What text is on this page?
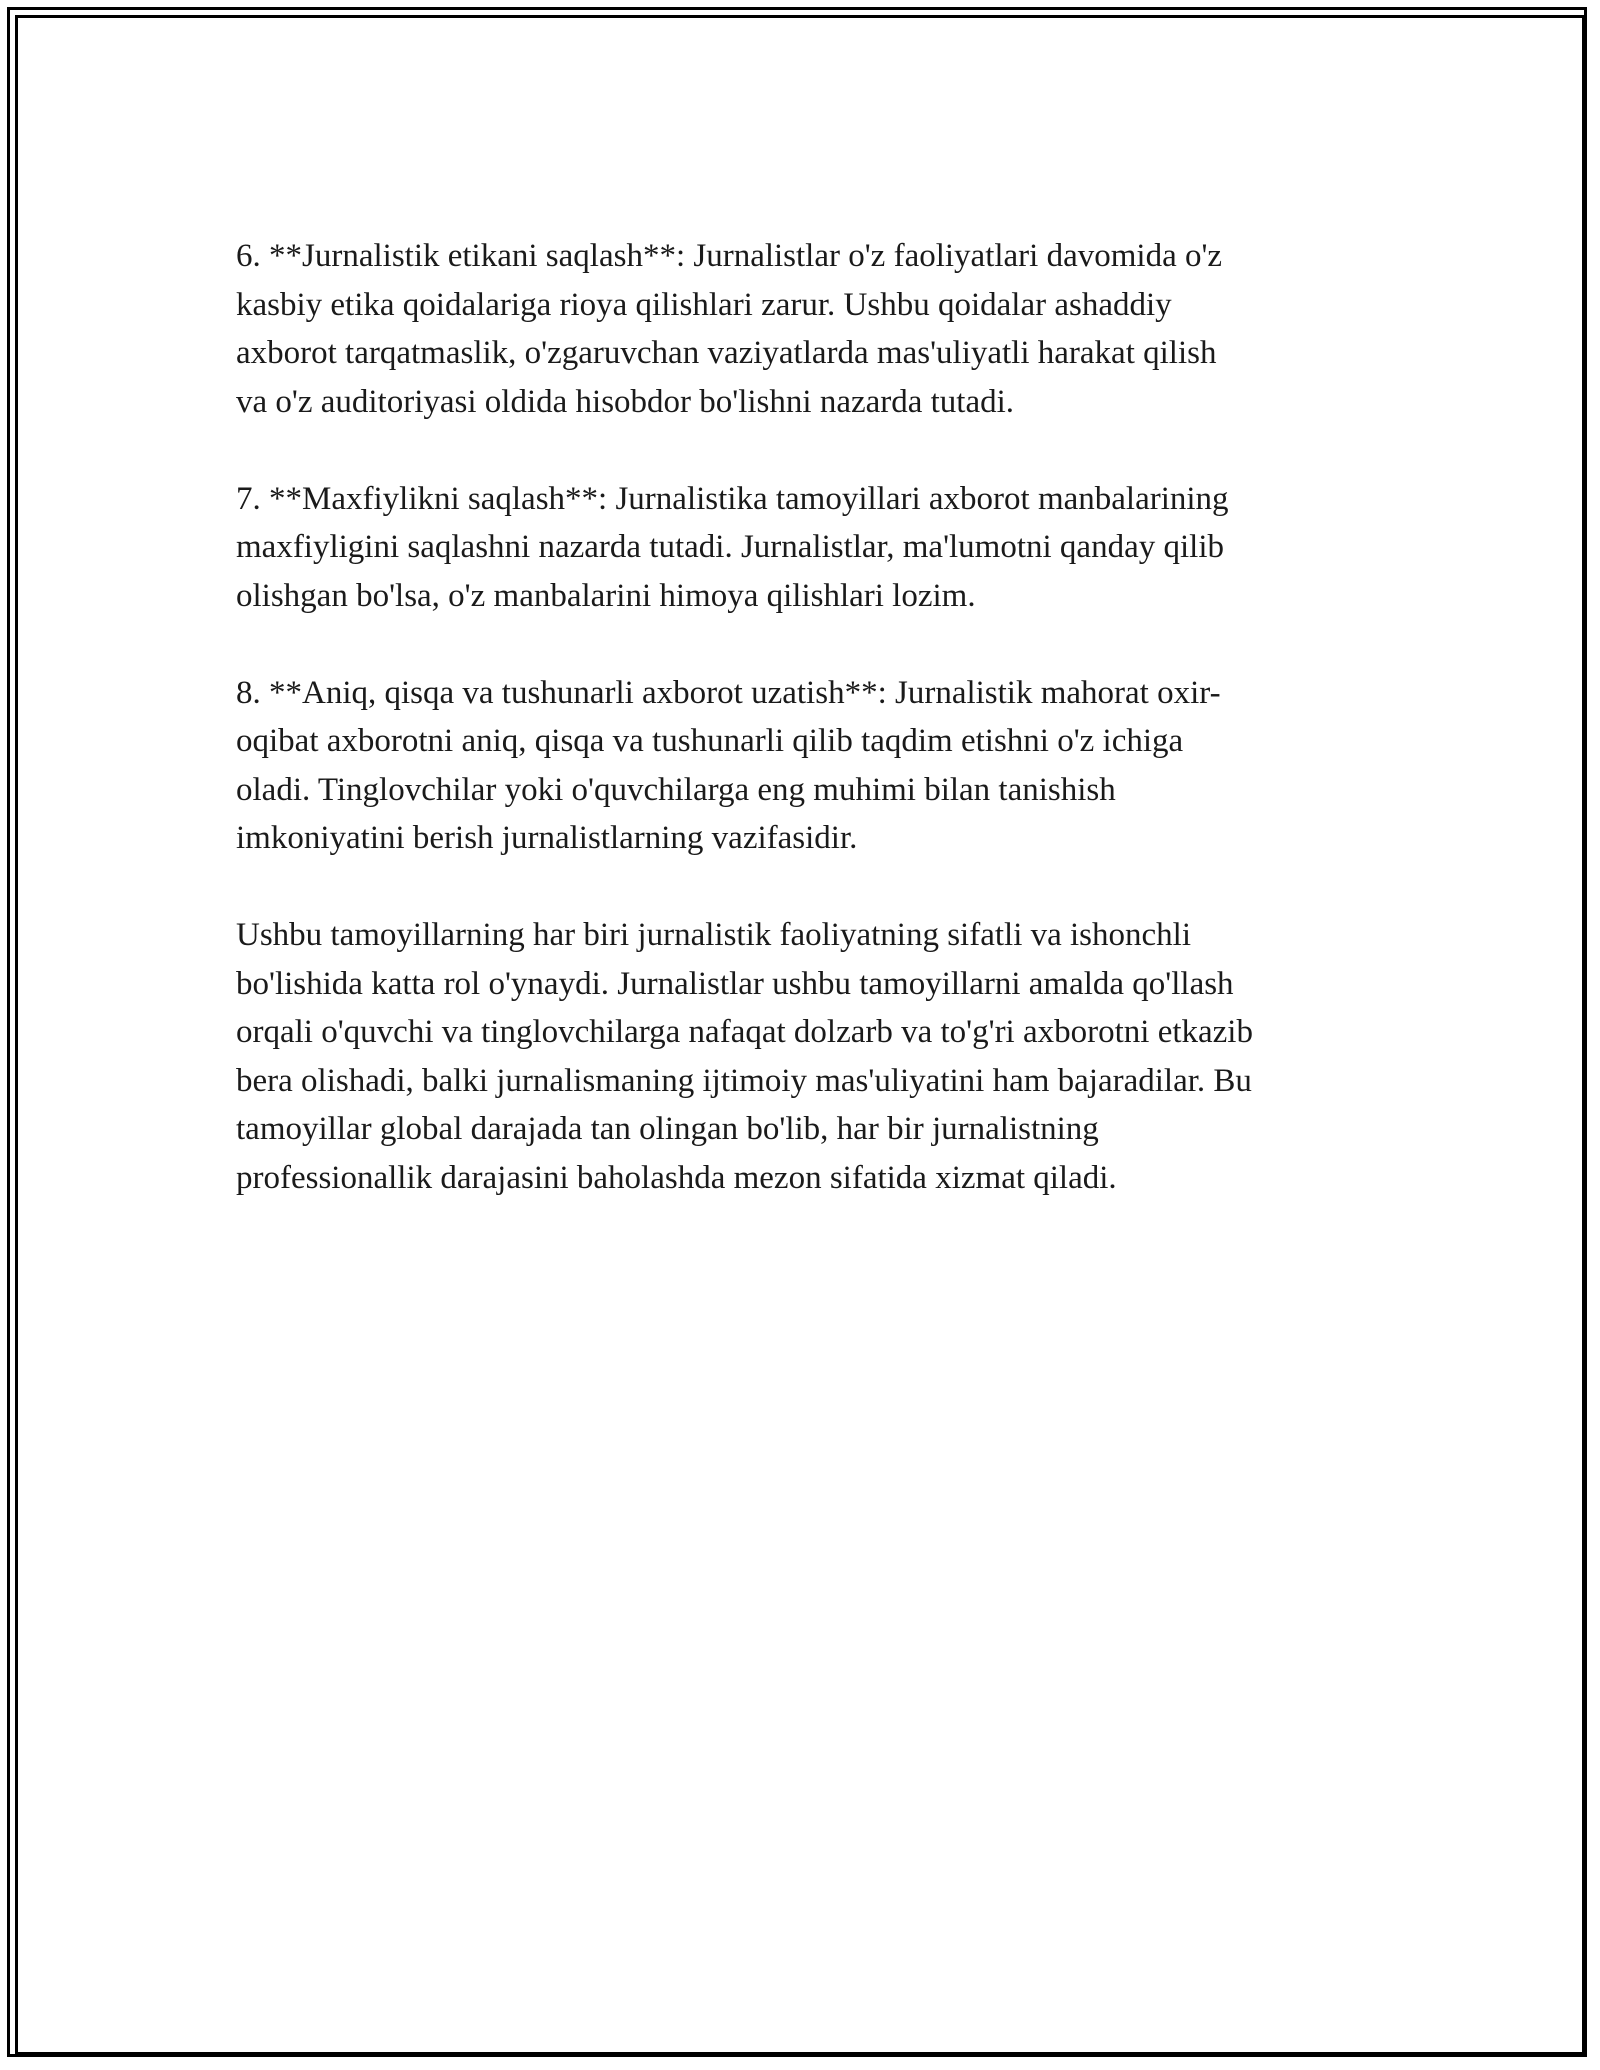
6. **Jurnalistik etikani saqlash**: Jurnalistlar o'z faoliyatlari davomida o'z
kasbiy etika qoidalariga rioya qilishlari zarur. Ushbu qoidalar ashaddiy
axborot tarqatmaslik, o'zgaruvchan vaziyatlarda mas'uliyatli harakat qilish
va o'z auditoriyasi oldida hisobdor bo'lishni nazarda tutadi.

7. **Maxfiylikni saqlash**: Jurnalistika tamoyillari axborot manbalarining
maxfiyligini saqlashni nazarda tutadi. Jurnalistlar, ma'lumotni qanday qilib
olishgan bo'lsa, o'z manbalarini himoya qilishlari lozim.

8. **Aniq, qisqa va tushunarli axborot uzatish**: Jurnalistik mahorat oxir-
oqibat axborotni aniq, qisqa va tushunarli qilib taqdim etishni o'z ichiga
oladi. Tinglovchilar yoki o'quvchilarga eng muhimi bilan tanishish
imkoniyatini berish jurnalistlarning vazifasidir.

Ushbu tamoyillarning har biri jurnalistik faoliyatning sifatli va ishonchli
bo'lishida katta rol o'ynaydi. Jurnalistlar ushbu tamoyillarni amalda qo'llash
orqali o'quvchi va tinglovchilarga nafaqat dolzarb va to'g'ri axborotni etkazib
bera olishadi, balki jurnalismaning ijtimoiy mas'uliyatini ham bajaradilar. Bu
tamoyillar global darajada tan olingan bo'lib, har bir jurnalistning
professionallik darajasini baholashda mezon sifatida xizmat qiladi.
